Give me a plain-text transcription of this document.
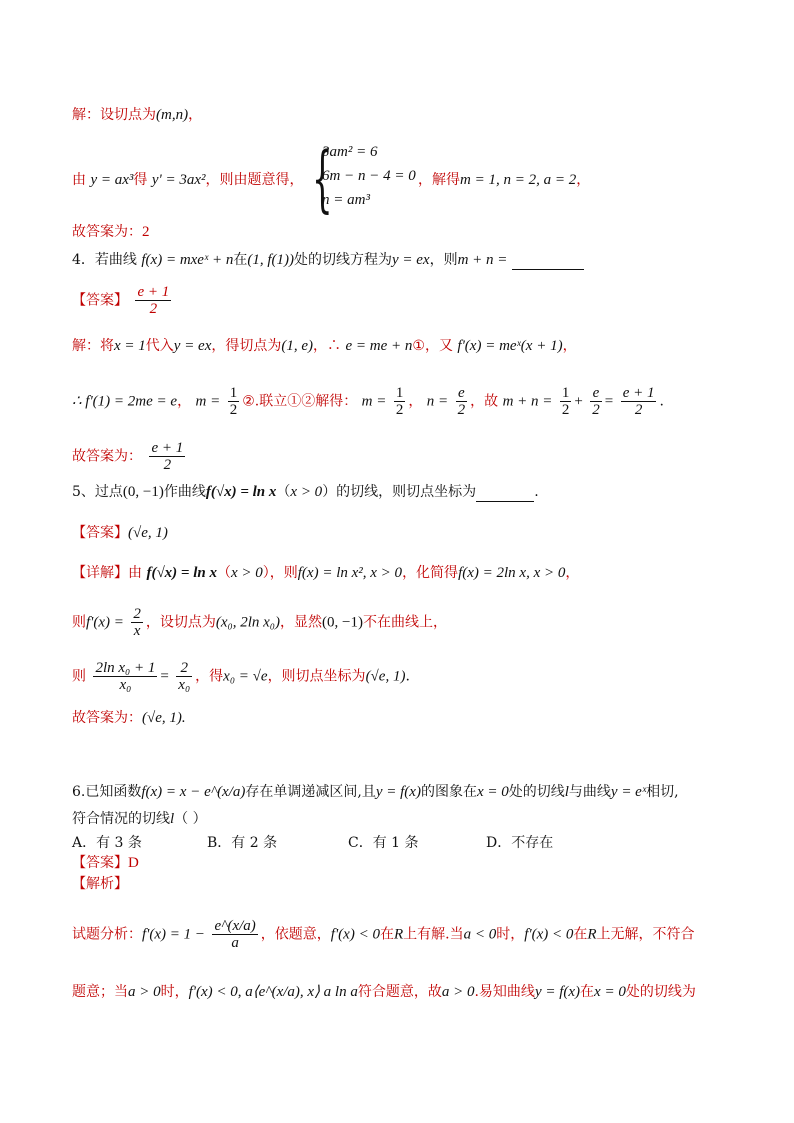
解：设切点为(m,n)，
由 y = ax³得 y' = 3ax²，则由题意得， {
3am² = 6
6m − n − 4 = 0
n = am³
，解得m = 1, n = 2, a = 2，
故答案为：2
4．若曲线 f(x) = mxeˣ + n在(1, f(1))处的切线方程为y = ex，则m + n =
【答案】 $\frac{e + 1}{2}$
解：将x = 1代入y = ex，得切点为(1, e)，∴ e = me + n①，又 f'(x) = meˣ(x + 1)，
∴ f'(1) = 2me = e， $m = \frac{1}{2}$ ②.联立①②解得： $m = \frac{1}{2}$ ， $n = \frac{e}{2}$ ，故 $m + n = \frac{1}{2} + \frac{e}{2} = \frac{e + 1}{2}$ .
故答案为： $\frac{e + 1}{2}$
5、过点(0, −1)作曲线f(√x) = ln x（x > 0）的切线，则切点坐标为	.
【答案】(√e, 1)
【详解】由 f(√x) = ln x（x > 0），则f(x) = ln x², x > 0，化简得f(x) = 2ln x, x > 0，
则$f'(x) = \frac{2}{x}$ ，设切点为(x₀, 2ln x₀)，显然(0, −1)不在曲线上，
则 $\frac{\text{2ln x₀ + 1}}{\text{x₀}} = \frac{2}{\text{x₀}}$ ，得x₀ = √e，则切点坐标为(√e, 1).
故答案为：(√e, 1).
6.已知函数f(x) = x − e^(x/a)存在单调递减区间,且y = f(x)的图象在x = 0处的切线l与曲线y = eˣ相切,
符合情况的切线l（ ）
A．有 3 条	B．有 2 条	C．有 1 条	D．不存在
【答案】D
【解析】
试题分析：$f'(x) = 1 - \frac{e\^{}(x/a)}{a}$ ，依题意，f'(x) < 0在R上有解.当a < 0时，f'(x) < 0在R上无解，不符合
题意；当a > 0时，f'(x) < 0, a⟨e^(x/a), x⟩ a ln a符合题意，故a > 0.易知曲线y = f(x)在x = 0处的切线为
